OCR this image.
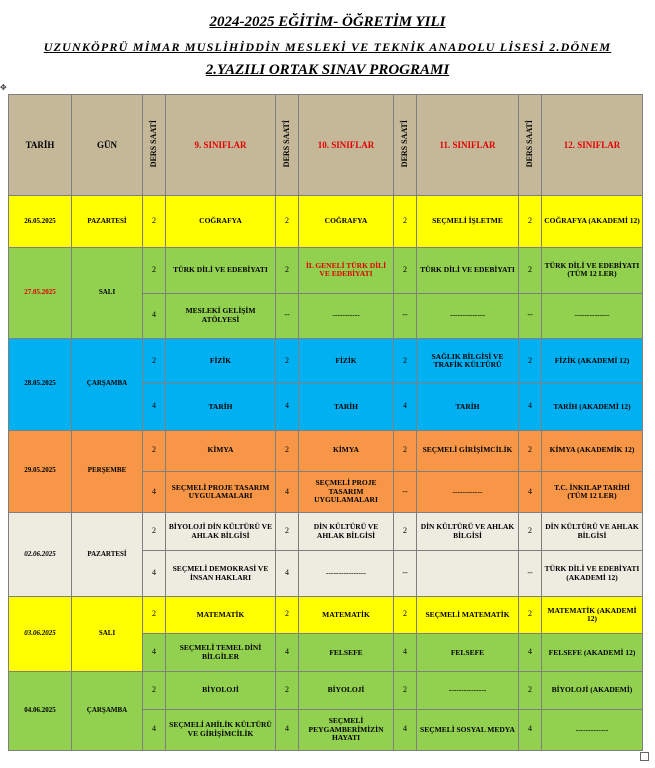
2024-2025 EĞİTİM- ÖĞRETİM YILI
UZUNKÖPRÜ MİMAR MUSLİHİDDİN MESLEKİ VE TEKNİK ANADOLU LİSESİ 2.DÖNEM
2.YAZILI ORTAK SINAV PROGRAMI
✥
TARİH	GÜN	DERS SAATİ	9. SINIFLAR	DERS SAATİ	10. SINIFLAR	DERS SAATİ	11. SINIFLAR	DERS SAATİ	12. SINIFLAR
26.05.2025	PAZARTESİ	2	COĞRAFYA	2	COĞRAFYA	2	SEÇMELİ İŞLETME	2	COĞRAFYA (AKADEMİ 12)
27.05.2025	SALI	2	TÜRK DİLİ VE EDEBİYATI	2	İL GENELİ TÜRK DİLİ VE EDEBİYATI	2	TÜRK DİLİ VE EDEBİYATI	2	TÜRK DİLİ VE EDEBİYATI (TÜM 12 LER)
		4	MESLEKİ GELİŞİM ATÖLYESİ	--	-----------	--	--------------	--	--------------
28.05.2025	ÇARŞAMBA	2	FİZİK	2	FİZİK	2	SAĞLIK BİLGİSİ VE TRAFİK KÜLTÜRÜ	2	FİZİK (AKADEMİ 12)
		4	TARİH	4	TARİH	4	TARİH	4	TARİH (AKADEMİ 12)
29.05.2025	PERŞEMBE	2	KİMYA	2	KİMYA	2	SEÇMELİ GİRİŞİMCİLİK	2	KİMYA (AKADEMİK 12)
		4	SEÇMELİ PROJE TASARIM UYGULAMALARI	4	SEÇMELİ PROJE TASARIM UYGULAMALARI	--	------------	4	T.C. İNKILAP TARİHİ (TÜM 12 LER)
02.06.2025	PAZARTESİ	2	BİYOLOJİ DİN KÜLTÜRÜ VE AHLAK BİLGİSİ	2	DİN KÜLTÜRÜ VE AHLAK BİLGİSİ	2	DİN KÜLTÜRÜ VE AHLAK BİLGİSİ	2	DİN KÜLTÜRÜ VE AHLAK BİLGİSİ
		4	SEÇMELİ DEMOKRASİ VE İNSAN HAKLARI	4	----------------	--		--	TÜRK DİLİ VE EDEBİYATI (AKADEMİ 12)
03.06.2025	SALI	2	MATEMATİK	2	MATEMATİK	2	SEÇMELİ MATEMATİK	2	MATEMATİK (AKADEMİ 12)
		4	SEÇMELİ TEMEL DİNİ BİLGİLER	4	FELSEFE	4	FELSEFE	4	FELSEFE (AKADEMİ 12)
04.06.2025	ÇARŞAMBA	2	BİYOLOJİ	2	BİYOLOJİ	2	---------------	2	BİYOLOJİ (AKADEMİ)
		4	SEÇMELİ AHİLİK KÜLTÜRÜ VE GİRİŞİMCİLİK	4	SEÇMELİ PEYGAMBERİMİZİN HAYATI	4	SEÇMELİ SOSYAL MEDYA	4	-------------
